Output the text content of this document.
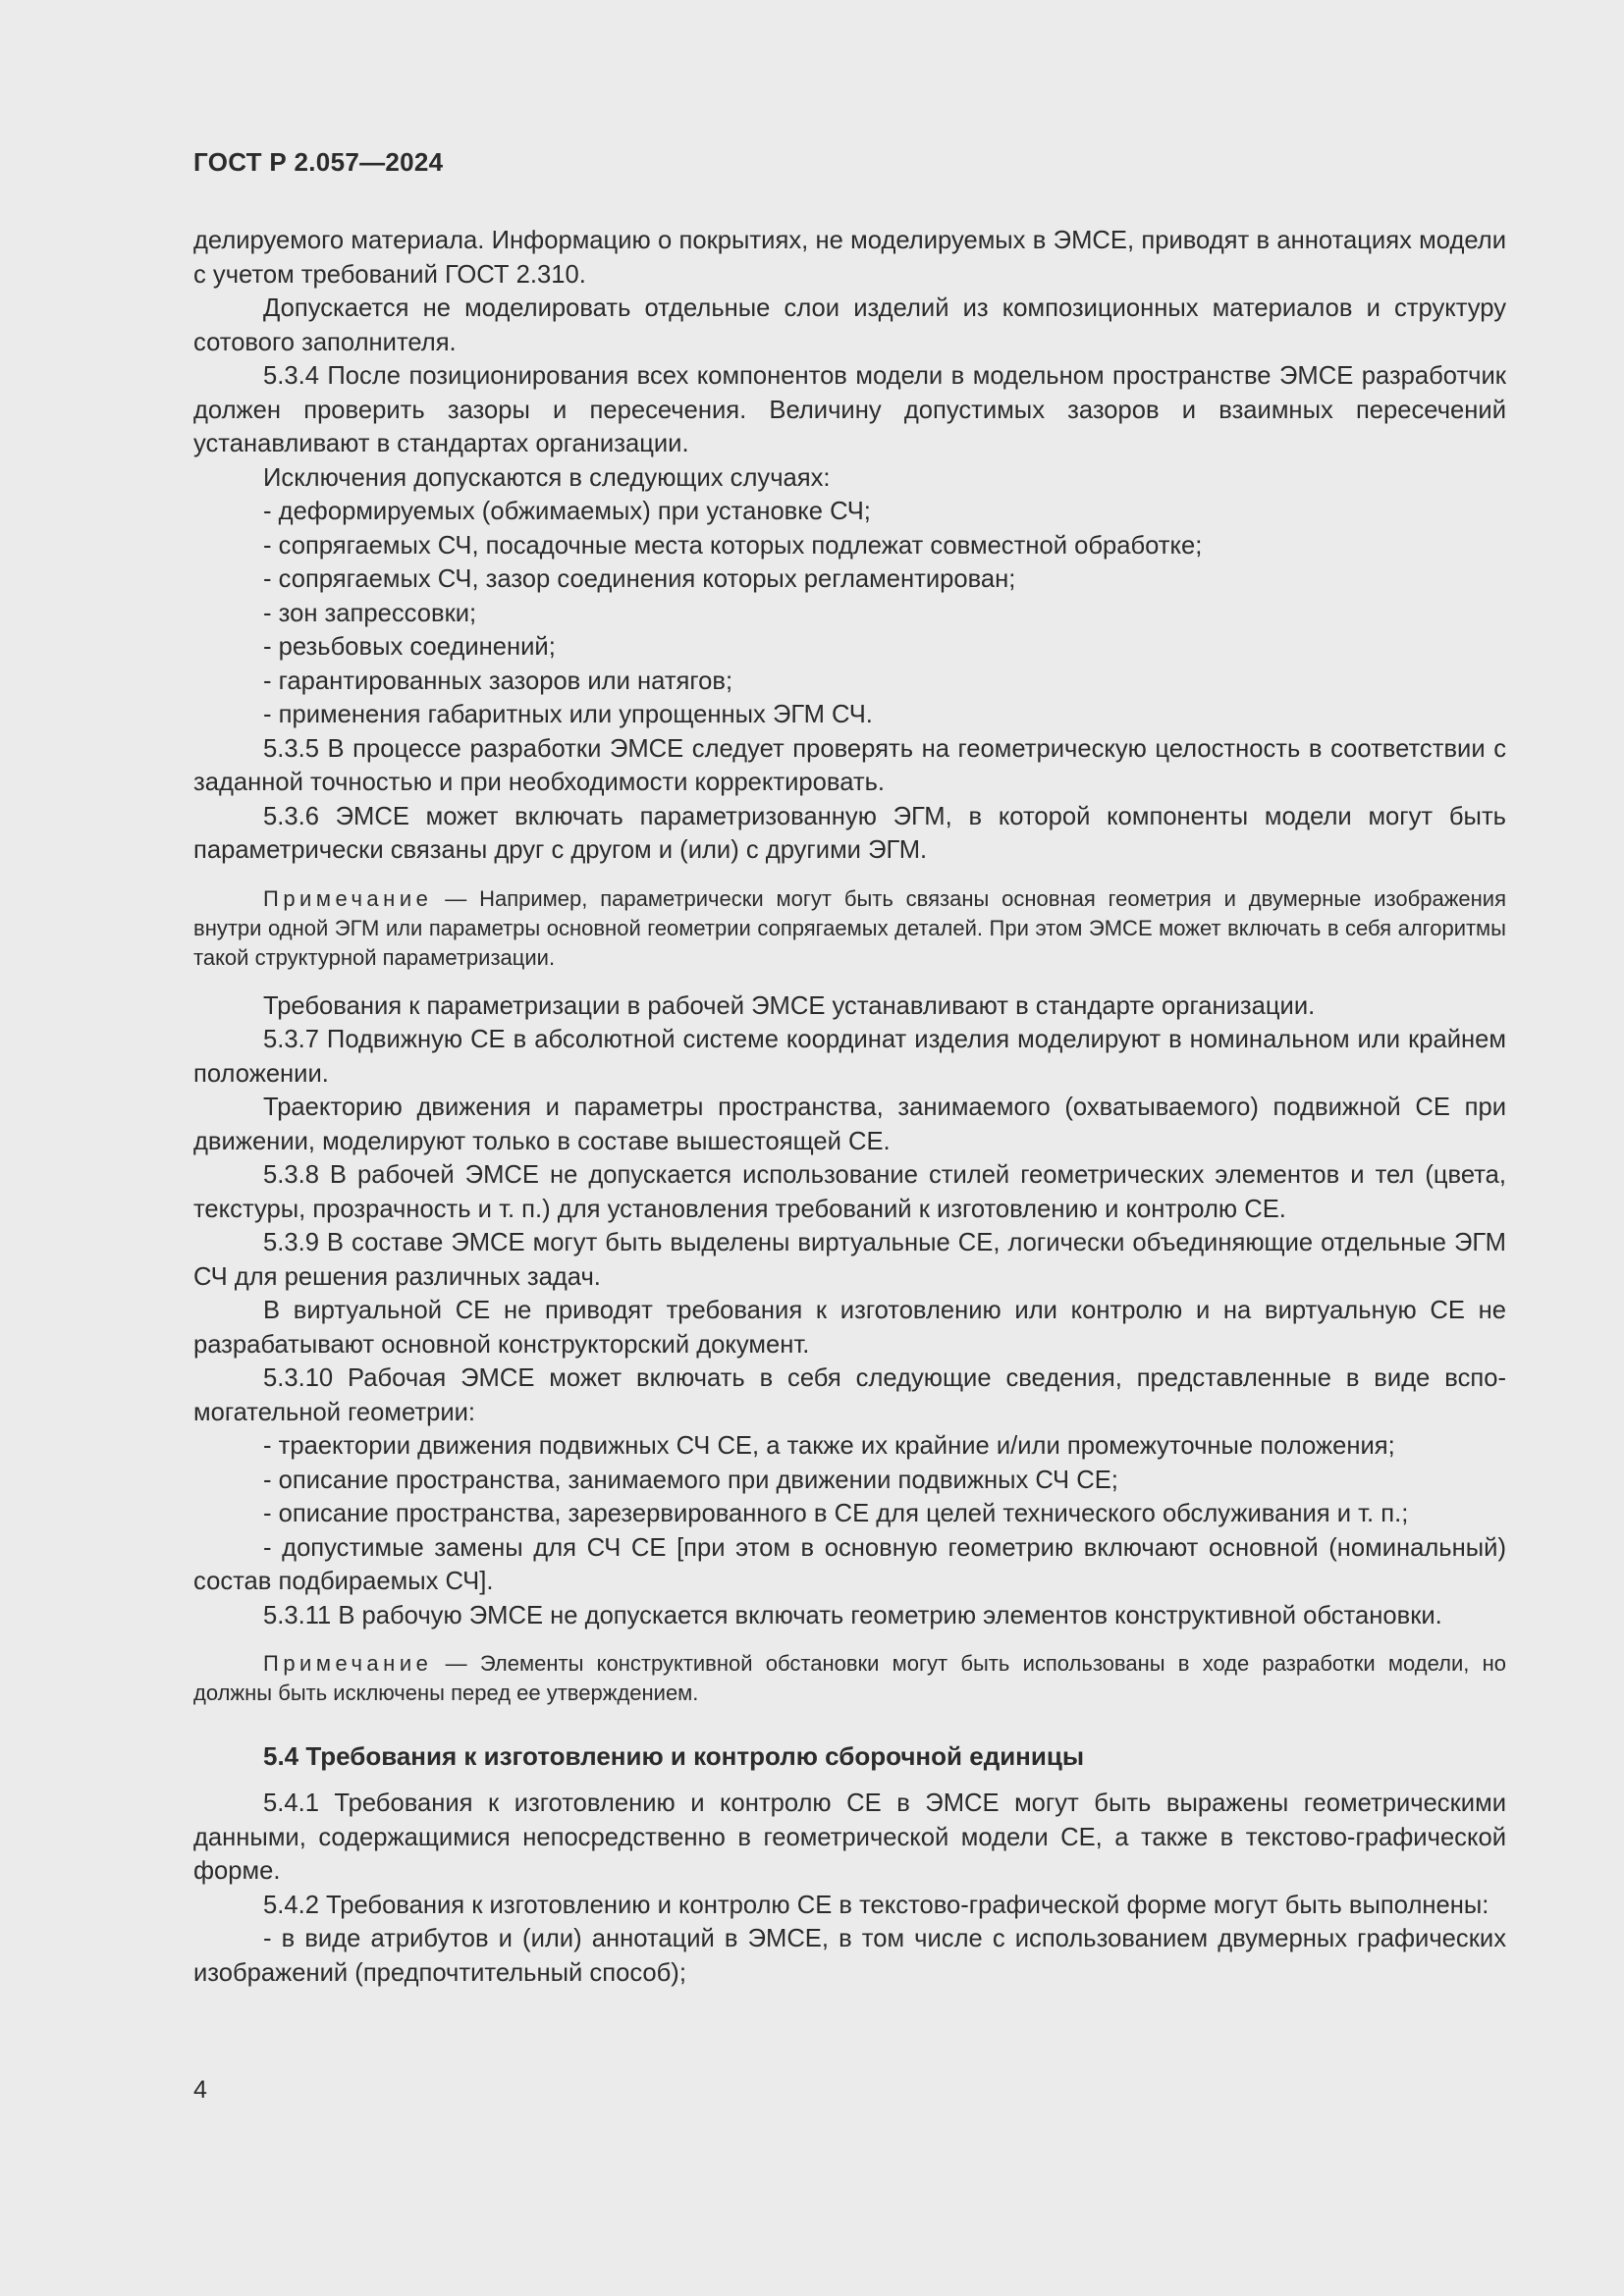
ГОСТ Р 2.057—2024

делируемого материала. Информацию о покрытиях, не моделируемых в ЭМСЕ, приводят в аннотациях модели с учетом требований ГОСТ 2.310.

Допускается не моделировать отдельные слои изделий из композиционных материалов и структуру сотового заполнителя.

5.3.4 После позиционирования всех компонентов модели в модельном пространстве ЭМСЕ разработчик должен проверить зазоры и пересечения. Величину допустимых зазоров и взаимных пересечений устанавливают в стандартах организации.

Исключения допускаются в следующих случаях:

- деформируемых (обжимаемых) при установке СЧ;

- сопрягаемых СЧ, посадочные места которых подлежат совместной обработке;

- сопрягаемых СЧ, зазор соединения которых регламентирован;

- зон запрессовки;

- резьбовых соединений;

- гарантированных зазоров или натягов;

- применения габаритных или упрощенных ЭГМ СЧ.

5.3.5 В процессе разработки ЭМСЕ следует проверять на геометрическую целостность в соответствии с заданной точностью и при необходимости корректировать.

5.3.6 ЭМСЕ может включать параметризованную ЭГМ, в которой компоненты модели могут быть параметрически связаны друг с другом и (или) с другими ЭГМ.

Примечание — Например, параметрически могут быть связаны основная геометрия и двумерные изображения внутри одной ЭГМ или параметры основной геометрии сопрягаемых деталей. При этом ЭМСЕ может включать в себя алгоритмы такой структурной параметризации.

Требования к параметризации в рабочей ЭМСЕ устанавливают в стандарте организации.

5.3.7 Подвижную СЕ в абсолютной системе координат изделия моделируют в номинальном или крайнем положении.

Траекторию движения и параметры пространства, занимаемого (охватываемого) подвижной СЕ при движении, моделируют только в составе вышестоящей СЕ.

5.3.8 В рабочей ЭМСЕ не допускается использование стилей геометрических элементов и тел (цвета, текстуры, прозрачность и т. п.) для установления требований к изготовлению и контролю СЕ.

5.3.9 В составе ЭМСЕ могут быть выделены виртуальные СЕ, логически объединяющие отдельные ЭГМ СЧ для решения различных задач.

В виртуальной СЕ не приводят требования к изготовлению или контролю и на виртуальную СЕ не разрабатывают основной конструкторский документ.

5.3.10 Рабочая ЭМСЕ может включать в себя следующие сведения, представленные в виде вспомогательной геометрии:

- траектории движения подвижных СЧ СЕ, а также их крайние и/или промежуточные положения;

- описание пространства, занимаемого при движении подвижных СЧ СЕ;

- описание пространства, зарезервированного в СЕ для целей технического обслуживания и т. п.;

- допустимые замены для СЧ СЕ [при этом в основную геометрию включают основной (номинальный) состав подбираемых СЧ].

5.3.11 В рабочую ЭМСЕ не допускается включать геометрию элементов конструктивной обстановки.

Примечание — Элементы конструктивной обстановки могут быть использованы в ходе разработки модели, но должны быть исключены перед ее утверждением.

5.4 Требования к изготовлению и контролю сборочной единицы

5.4.1 Требования к изготовлению и контролю СЕ в ЭМСЕ могут быть выражены геометрическими данными, содержащимися непосредственно в геометрической модели СЕ, а также в текстово-графической форме.

5.4.2 Требования к изготовлению и контролю СЕ в текстово-графической форме могут быть выполнены:

- в виде атрибутов и (или) аннотаций в ЭМСЕ, в том числе с использованием двумерных графических изображений (предпочтительный способ);

4
